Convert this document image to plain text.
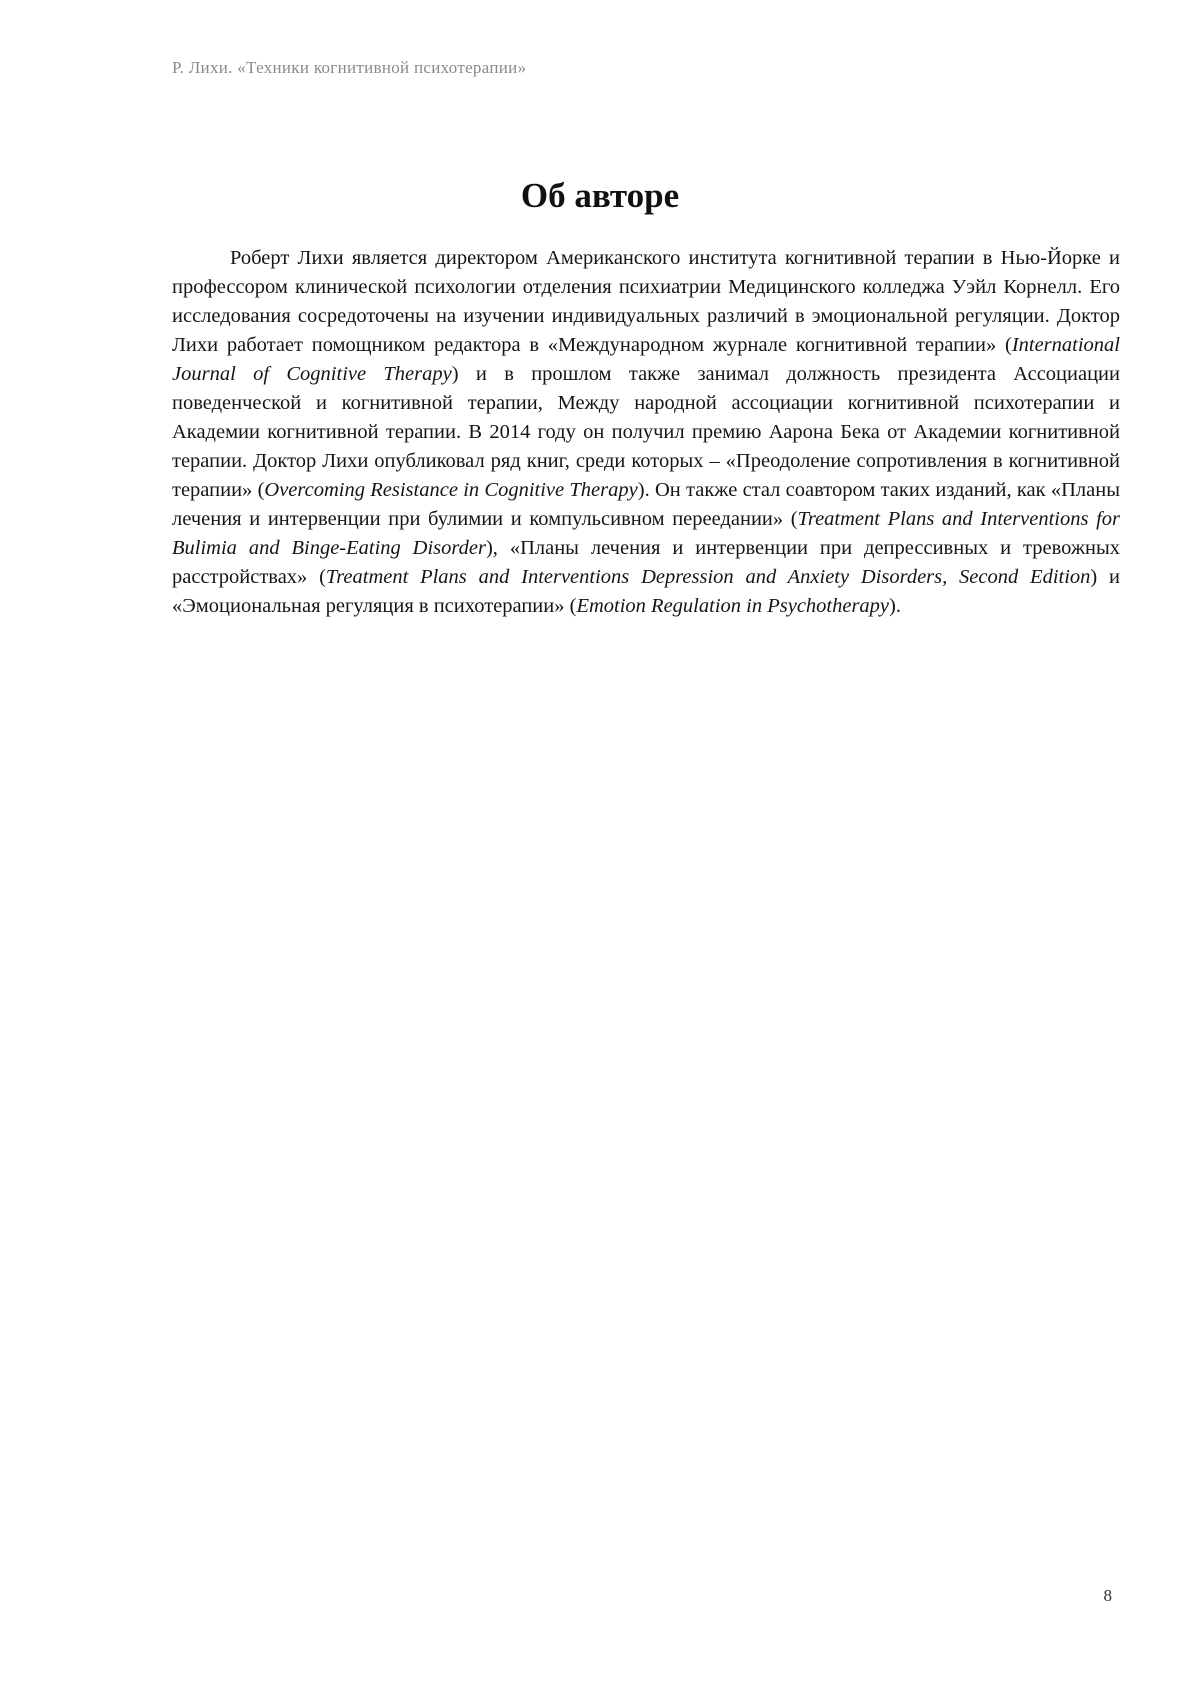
Р. Лихи. «Техники когнитивной психотерапии»
Об авторе

Роберт Лихи является директором Американского института когнитивной терапии в Нью-Йорке и профессором клинической психологии отделения психиатрии Медицинского колледжа Уэйл Корнелл. Его исследования сосредоточены на изучении индивидуальных различий в эмоциональной регуляции. Доктор Лихи работает помощником редактора в «Международном журнале когнитивной терапии» (International Journal of Cognitive Therapy) и в прошлом также занимал должность президента Ассоциации поведенческой и когнитивной терапии, Между народной ассоциации когнитивной психотерапии и Академии когнитивной терапии. В 2014 году он получил премию Аарона Бека от Академии когнитивной терапии. Доктор Лихи опубликовал ряд книг, среди которых – «Преодоление сопротивления в когнитивной терапии» (Overcoming Resistance in Cognitive Therapy). Он также стал соавтором таких изданий, как «Планы лечения и интервенции при булимии и компульсивном переедании» (Treatment Plans and Interventions for Bulimia and Binge-Eating Disorder), «Планы лечения и интервенции при депрессивных и тревожных расстройствах» (Treatment Plans and Interventions Depression and Anxiety Disorders, Second Edition) и «Эмоциональная регуляция в психотерапии» (Emotion Regulation in Psychotherapy).

8
